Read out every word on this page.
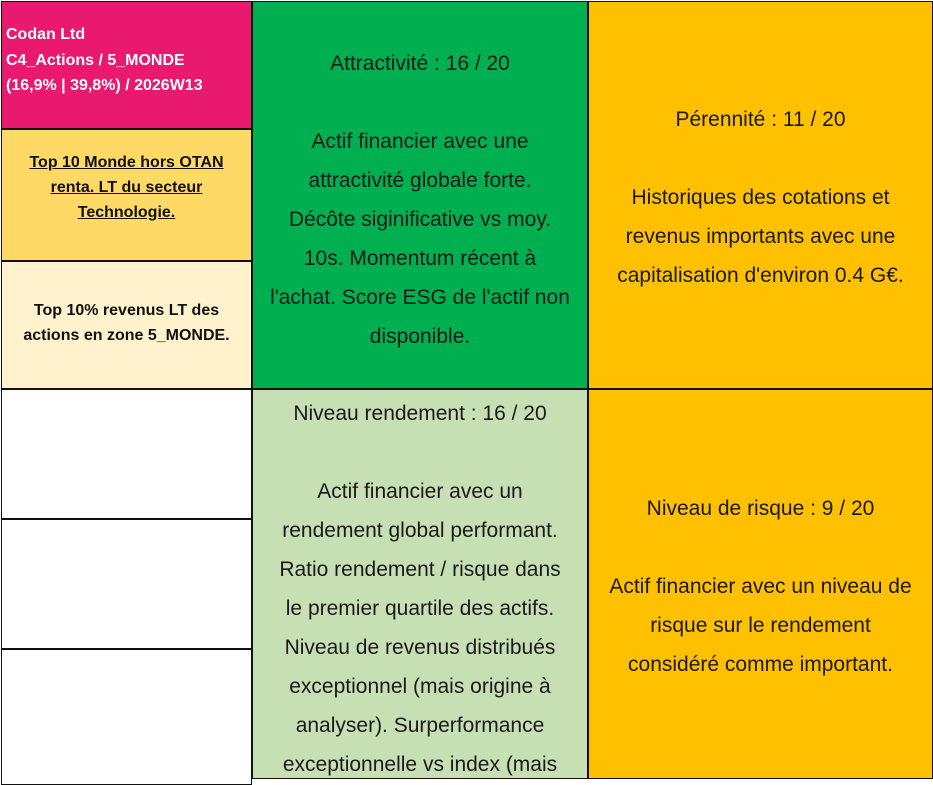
Codan Ltd
C4_Actions / 5_MONDE
(16,9% | 39,8%) / 2026W13
Top 10 Monde hors OTAN
renta. LT du secteur
Technologie.
Top 10% revenus LT des
actions en zone 5_MONDE.
Attractivité : 16 / 20
Actif financier avec une
attractivité globale forte.
Décôte siginificative vs moy.
10s. Momentum récent à
l'achat. Score ESG de l'actif non
disponible.
Niveau rendement : 16 / 20
Actif financier avec un
rendement global performant.
Ratio rendement / risque dans
le premier quartile des actifs.
Niveau de revenus distribués
exceptionnel (mais origine à
analyser). Surperformance
exceptionnelle vs index (mais
Pérennité : 11 / 20
Historiques des cotations et
revenus importants avec une
capitalisation d'environ 0.4 G€.
Niveau de risque : 9 / 20
Actif financier avec un niveau de
risque sur le rendement
considéré comme important.
